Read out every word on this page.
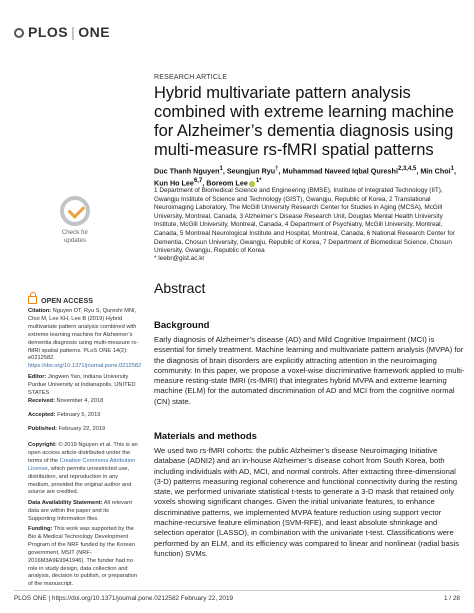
PLOS | ONE
Check for
updates
OPEN ACCESS
Citation: Nguyen DT, Ryu S, Qureshi MNI, Choi M, Lee KH, Lee B (2019) Hybrid multivariate pattern analysis combined with extreme learning machine for Alzheimer’s dementia diagnosis using multi-measure rs-fMRI spatial patterns. PLoS ONE 14(2): e0212582. https://doi.org/10.1371/journal.pone.0212582
Editor: Jingwen Yan, Indiana University Purdue University at Indianapolis, UNITED STATES
Received: November 4, 2018
Accepted: February 5, 2019
Published: February 22, 2019
Copyright: © 2019 Nguyen et al. This is an open access article distributed under the terms of the Creative Commons Attribution License, which permits unrestricted use, distribution, and reproduction in any medium, provided the original author and source are credited.
Data Availability Statement: All relevant data are within the paper and its Supporting Information files.
Funding: This work was supported by the Bio & Medical Technology Development Program of the NRF funded by the Korean government, MSIT (NRF-2016M3A9E9941946). The funder had no role in study design, data collection and analysis, decision to publish, or preparation of the manuscript.
RESEARCH ARTICLE
Hybrid multivariate pattern analysis combined with extreme learning machine for Alzheimer’s dementia diagnosis using multi-measure rs-fMRI spatial patterns
Duc Thanh Nguyen$^1$, Seungjun Ryu†, Muhammad Naveed Iqbal Qureshi$^{2,3,4,5}$, Min Choi$^1$, Kun Ho Lee$^{6,7}$, Boreom Lee $^{1*}$
1 Department of Biomedical Science and Engineering (BMSE), Institute of Integrated Technology (IIT), Gwangju Institute of Science and Technology (GIST), Gwangju, Republic of Korea, 2 Translational Neuroimaging Laboratory, The McGill University Research Center for Studies in Aging (MCSA), McGill University, Montreal, Canada, 3 Alzheimer’s Disease Research Unit, Douglas Mental Health University Institute, McGill University, Montreal, Canada, 4 Department of Psychiatry, McGill University, Montreal, Canada, 5 Montreal Neurological Institute and Hospital, Montreal, Canada, 6 National Research Center for Dementia, Chosun University, Gwangju, Republic of Korea, 7 Department of Biomedical Science, Chosun University, Gwangju, Republic of Korea
* leebr@gist.ac.kr
Abstract
Background
Early diagnosis of Alzheimer’s disease (AD) and Mild Cognitive Impairment (MCI) is essential for timely treatment. Machine learning and multivariate pattern analysis (MVPA) for the diagnosis of brain disorders are explicitly attracting attention in the neuroimaging community. In this paper, we propose a voxel-wise discriminative framework applied to multi-measure resting-state fMRI (rs-fMRI) that integrates hybrid MVPA and extreme learning machine (ELM) for the automated discrimination of AD and MCI from the cognitive normal (CN) state.
Materials and methods
We used two rs-fMRI cohorts: the public Alzheimer’s disease Neuroimaging Initiative database (ADNI2) and an in-house Alzheimer’s disease cohort from South Korea, both including individuals with AD, MCI, and normal controls. After extracting three-dimensional (3-D) patterns measuring regional coherence and functional connectivity during the resting state, we performed univariate statistical t-tests to generate a 3-D mask that retained only voxels showing significant changes. Given the initial univariate features, to enhance discriminative patterns, we implemented MVPA feature reduction using support vector machine-recursive feature elimination (SVM-RFE), and least absolute shrinkage and selection operator (LASSO), in combination with the univariate t-test. Classifications were performed by an ELM, and its efficiency was compared to linear and nonlinear (radial basis function) SVMs.
PLOS ONE | https://doi.org/10.1371/journal.pone.0212582 February 22, 2019	1 / 28
